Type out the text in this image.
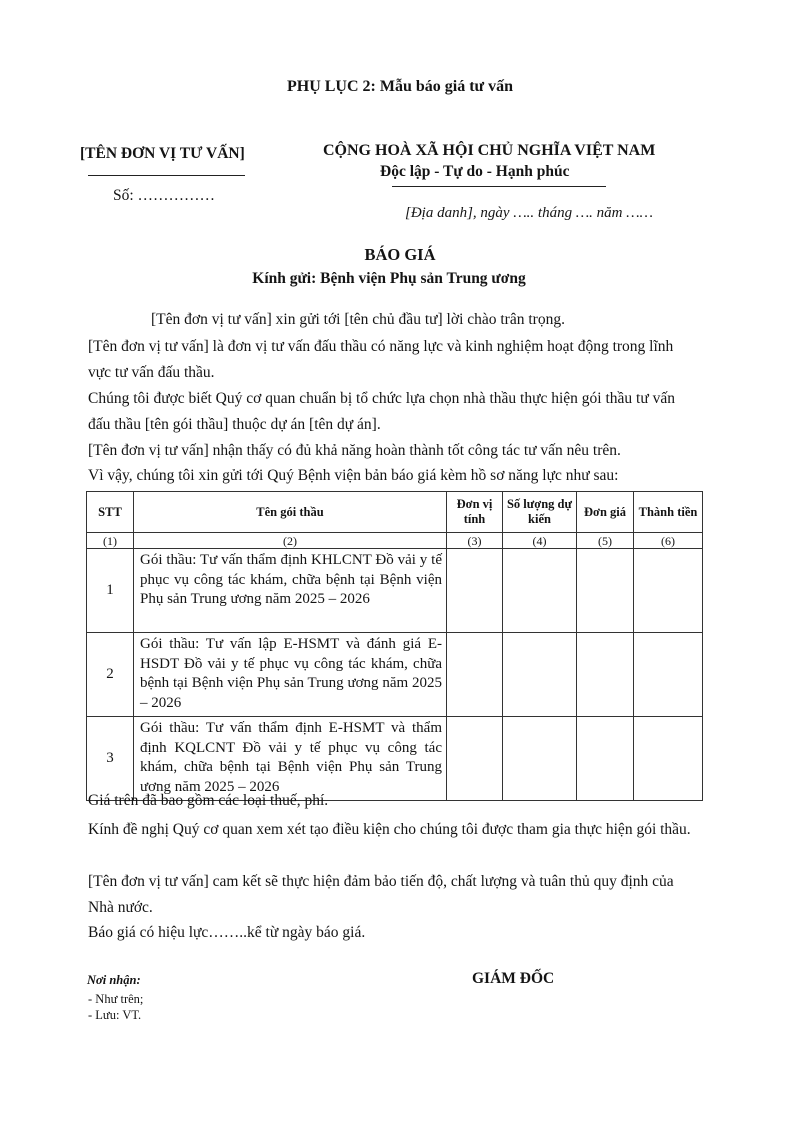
PHỤ LỤC 2: Mẫu báo giá tư vấn
[TÊN ĐƠN VỊ TƯ VẤN]
Số: ……………
CỘNG HOÀ XÃ HỘI CHỦ NGHĨA VIỆT NAM
Độc lập - Tự do - Hạnh phúc
[Địa danh], ngày ….. tháng …. năm ……
BÁO GIÁ
Kính gửi: Bệnh viện Phụ sản Trung ương
[Tên đơn vị tư vấn] xin gửi tới [tên chủ đầu tư] lời chào trân trọng.
[Tên đơn vị tư vấn] là đơn vị tư vấn đấu thầu có năng lực và kinh nghiệm hoạt động trong lĩnh vực tư vấn đấu thầu.
Chúng tôi được biết Quý cơ quan chuẩn bị tổ chức lựa chọn nhà thầu thực hiện gói thầu tư vấn đấu thầu [tên gói thầu] thuộc dự án [tên dự án].
[Tên đơn vị tư vấn] nhận thấy có đủ khả năng hoàn thành tốt công tác tư vấn nêu trên.
Vì vậy, chúng tôi xin gửi tới Quý Bệnh viện bản báo giá kèm hồ sơ năng lực như sau:
STT	Tên gói thầu	Đơn vị tính	Số lượng dự kiến	Đơn giá	Thành tiền
(1)	(2)	(3)	(4)	(5)	(6)
1	Gói thầu: Tư vấn thẩm định KHLCNT Đồ vải y tế phục vụ công tác khám, chữa bệnh tại Bệnh viện Phụ sản Trung ương năm 2025 – 2026				
2	Gói thầu: Tư vấn lập E-HSMT và đánh giá E-HSDT Đồ vải y tế phục vụ công tác khám, chữa bệnh tại Bệnh viện Phụ sản Trung ương năm 2025 – 2026				
3	Gói thầu: Tư vấn thẩm định E-HSMT và thẩm định KQLCNT Đồ vải y tế phục vụ công tác khám, chữa bệnh tại Bệnh viện Phụ sản Trung ương năm 2025 – 2026				
Giá trên đã bao gồm các loại thuế, phí.
Kính đề nghị Quý cơ quan xem xét tạo điều kiện cho chúng tôi được tham gia thực hiện gói thầu.
[Tên đơn vị tư vấn] cam kết sẽ thực hiện đảm bảo tiến độ, chất lượng và tuân thủ quy định của Nhà nước.
Báo giá có hiệu lực……..kể từ ngày báo giá.
Nơi nhận:
- Như trên;
- Lưu: VT.
GIÁM ĐỐC
